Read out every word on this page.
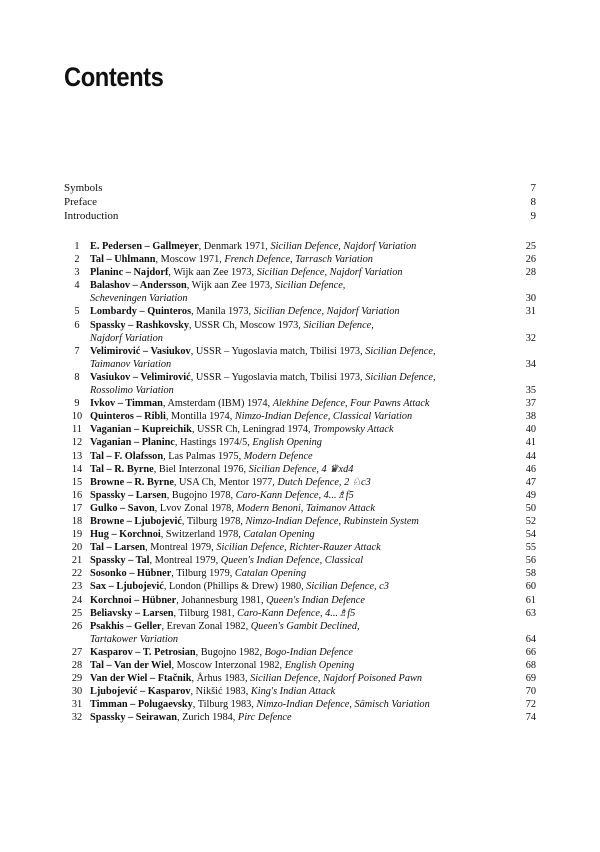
Contents
Symbols	7
Preface	8
Introduction	9
1	E. Pedersen – Gallmeyer, Denmark 1971, Sicilian Defence, Najdorf Variation	25
2	Tal – Uhlmann, Moscow 1971, French Defence, Tarrasch Variation	26
3	Planinc – Najdorf, Wijk aan Zee 1973, Sicilian Defence, Najdorf Variation	28
4	Balashov – Andersson, Wijk aan Zee 1973, Sicilian Defence,
Scheveningen Variation	30
5	Lombardy – Quinteros, Manila 1973, Sicilian Defence, Najdorf Variation	31
6	Spassky – Rashkovsky, USSR Ch, Moscow 1973, Sicilian Defence,
Najdorf Variation	32
7	Velimirović – Vasiukov, USSR – Yugoslavia match, Tbilisi 1973, Sicilian Defence,
Taimanov Variation	34
8	Vasiukov – Velimirović, USSR – Yugoslavia match, Tbilisi 1973, Sicilian Defence,
Rossolimo Variation	35
9	Ivkov – Timman, Amsterdam (IBM) 1974, Alekhine Defence, Four Pawns Attack	37
10 Quinteros – Ribli, Montilla 1974, Nimzo-Indian Defence, Classical Variation	38
11 Vaganian – Kupreichik, USSR Ch, Leningrad 1974, Trompowsky Attack	40
12 Vaganian – Planinc, Hastings 1974/5, English Opening	41
13 Tal – F. Olafsson, Las Palmas 1975, Modern Defence	44
14 Tal – R. Byrne, Biel Interzonal 1976, Sicilian Defence, 4 ♛xd4	46
15 Browne – R. Byrne, USA Ch, Mentor 1977, Dutch Defence, 2 ♘c3	47
16 Spassky – Larsen, Bugojno 1978, Caro-Kann Defence, 4...♗f5	49
17 Gulko – Savon, Lvov Zonal 1978, Modern Benoni, Taimanov Attack	50
18 Browne – Ljubojević, Tilburg 1978, Nimzo-Indian Defence, Rubinstein System	52
19 Hug – Korchnoi, Switzerland 1978, Catalan Opening	54
20 Tal – Larsen, Montreal 1979, Sicilian Defence, Richter-Rauzer Attack	55
21 Spassky – Tal, Montreal 1979, Queen's Indian Defence, Classical	56
22 Sosonko – Hübner, Tilburg 1979, Catalan Opening	58
23 Sax – Ljubojević, London (Phillips & Drew) 1980, Sicilian Defence, c3	60
24 Korchnoi – Hübner, Johannesburg 1981, Queen's Indian Defence	61
25 Beliavsky – Larsen, Tilburg 1981, Caro-Kann Defence, 4...♗f5	63
26 Psakhis – Geller, Erevan Zonal 1982, Queen's Gambit Declined,
Tartakower Variation	64
27 Kasparov – T. Petrosian, Bugojno 1982, Bogo-Indian Defence	66
28 Tal – Van der Wiel, Moscow Interzonal 1982, English Opening	68
29 Van der Wiel – Ftačnik, Århus 1983, Sicilian Defence, Najdorf Poisoned Pawn	69
30 Ljubojević – Kasparov, Nikšić 1983, King's Indian Attack	70
31 Timman – Polugaevsky, Tilburg 1983, Nimzo-Indian Defence, Sämisch Variation	72
32 Spassky – Seirawan, Zurich 1984, Pirc Defence	74
